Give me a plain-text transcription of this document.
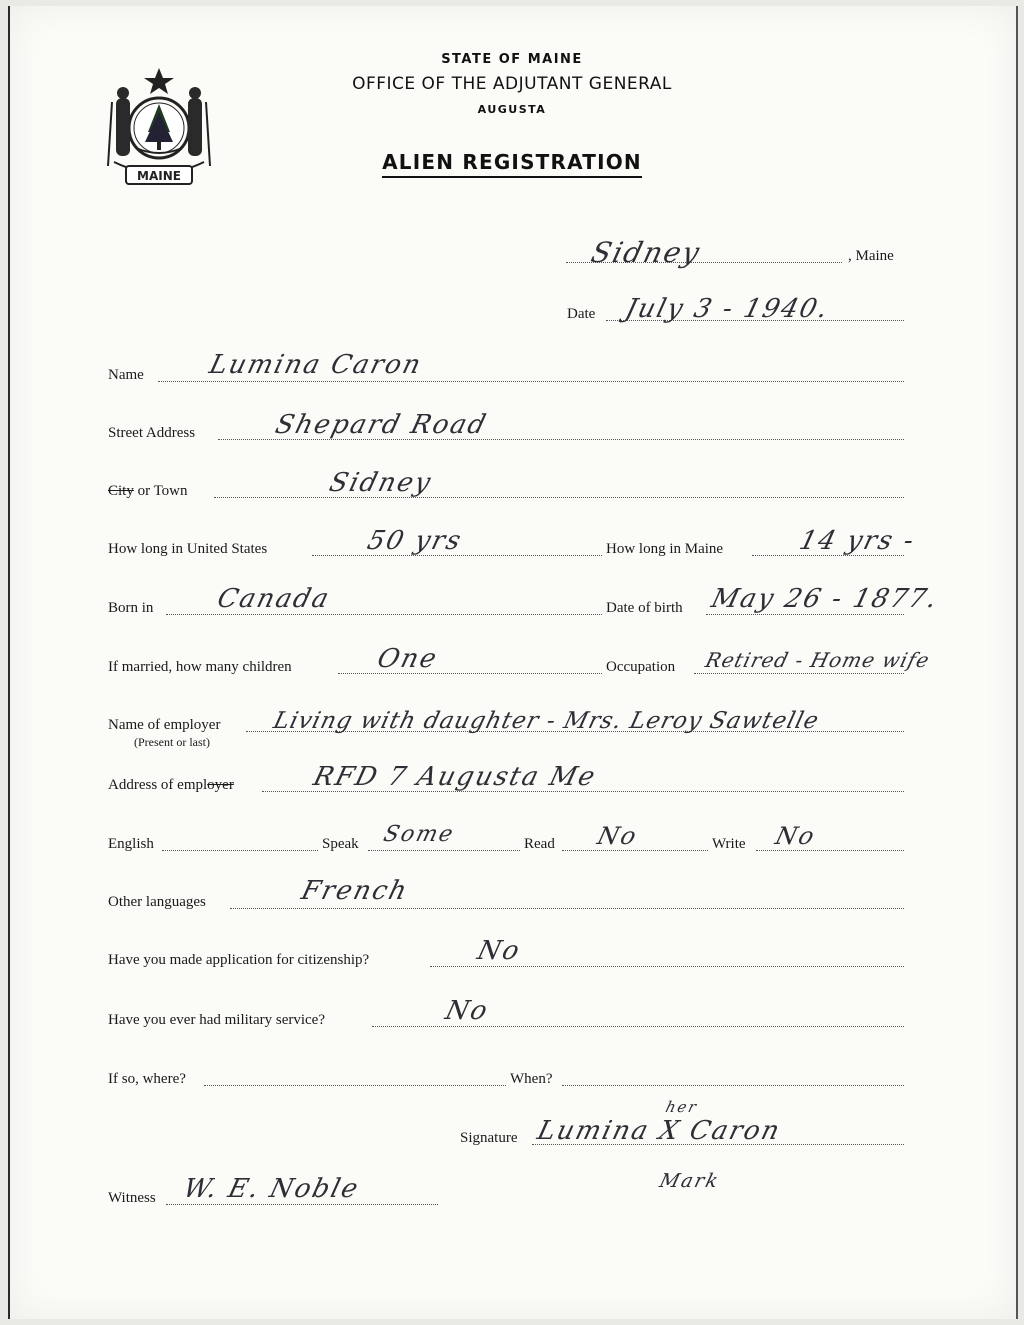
MAINE
STATE OF MAINE
OFFICE OF THE ADJUTANT GENERAL
AUGUSTA
ALIEN REGISTRATION
Sidney	, Maine
Date July 3 - 1940.
Name Lumina Caron
Street Address	Shepard Road
City or Town	Sidney
How long in United States	50 yrs	How long in Maine	14 yrs -
Born in Canada	Date of birth May 26 - 1877.
If married, how many children	One	Occupation Retired - Home wife
Name of employer
(Present or last)
Living with daughter - Mrs. Leroy Sawtelle
Address of employer	RFD 7 Augusta Me
English	Speak Some	Read No	Write No
Other languages	French
Have you made application for citizenship?	No
Have you ever had military service?	No
If so, where?	When?
Signature Lumina X Caron
her
Mark
Witness W. E. Noble
